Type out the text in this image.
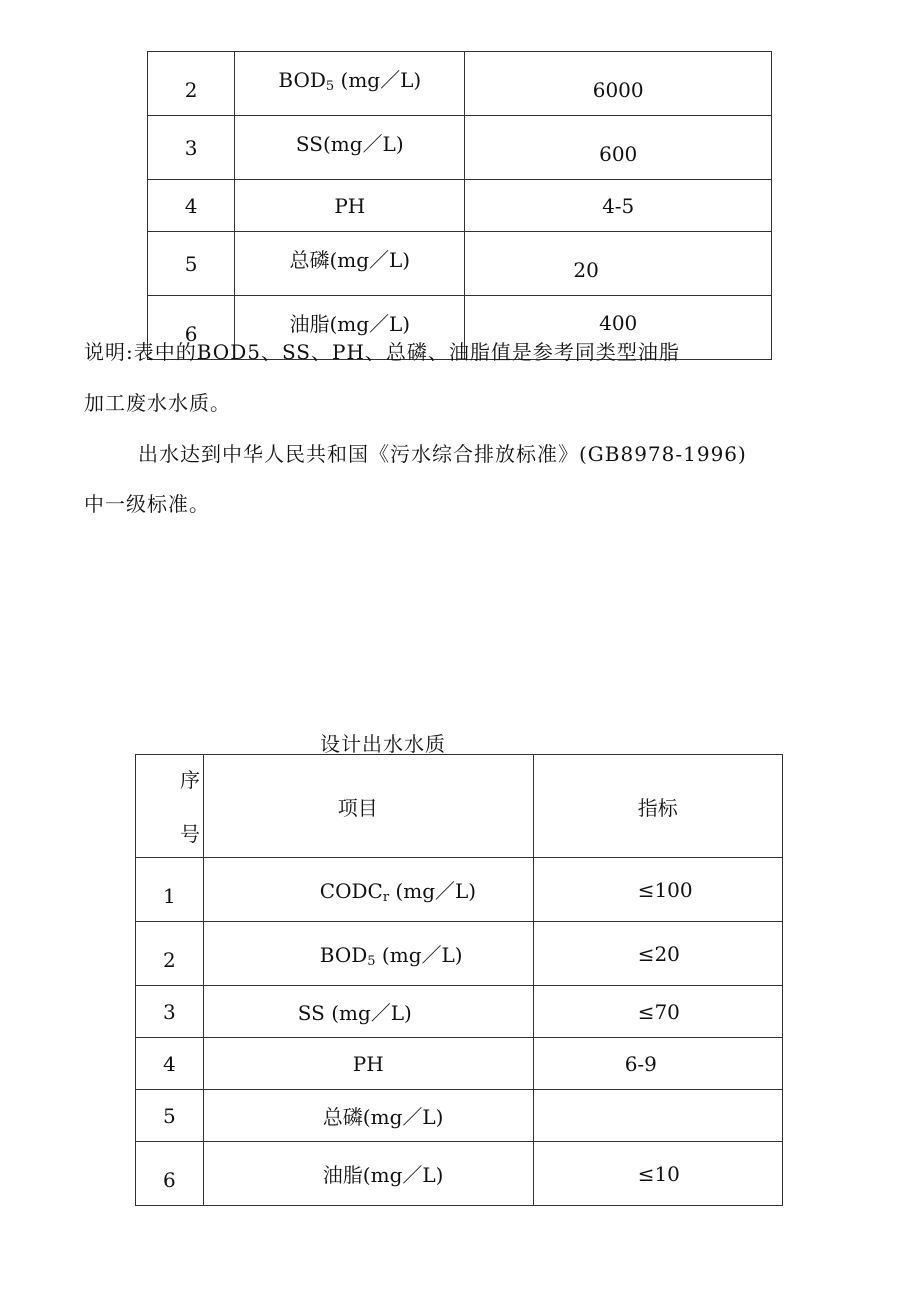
2	$BOD_5$ (mg／L)	6000
3	SS(mg／L)	600
4	PH	4-5
5	总磷(mg／L)	20
6	油脂(mg／L)	400
说明:表中的BOD5、SS、PH、总磷、油脂值是参考同类型油脂
加工废水水质。
出水达到中华人民共和国《污水综合排放标准》(GB8978-1996)
中一级标准。
设计出水水质
序
号	项目	指标
1	$CODC_r$ (mg／L)	≤100
2	$BOD_5$ (mg／L)	≤20
3	SS (mg／L)	≤70
4	PH	6-9
5	总磷(mg／L)	
6	油脂(mg／L)	≤10
